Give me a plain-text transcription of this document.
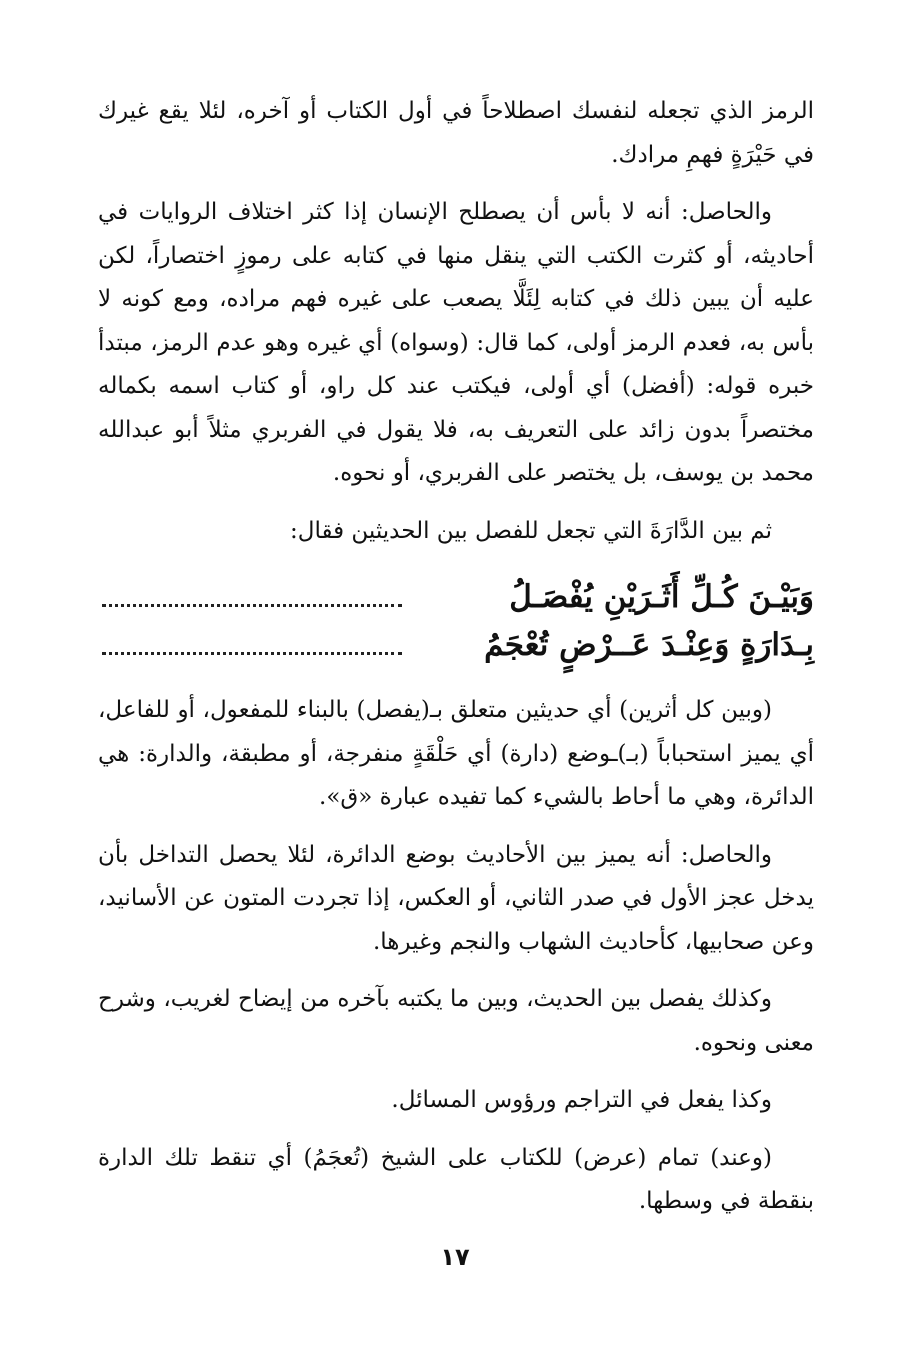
الرمز الذي تجعله لنفسك اصطلاحاً في أول الكتاب أو آخره، لئلا يقع غيرك في حَيْرَةٍ فهمِ مرادك.

والحاصل: أنه لا بأس أن يصطلح الإنسان إذا كثر اختلاف الروايات في أحاديثه، أو كثرت الكتب التي ينقل منها في كتابه على رموزٍ اختصاراً، لكن عليه أن يبين ذلك في كتابه لِئَلَّا يصعب على غيره فهم مراده، ومع كونه لا بأس به، فعدم الرمز أولى، كما قال: (وسواه) أي غيره وهو عدم الرمز، مبتدأ خبره قوله: (أفضل) أي أولى، فيكتب عند كل راو، أو كتاب اسمه بكماله مختصراً بدون زائد على التعريف به، فلا يقول في الفربري مثلاً أبو عبدالله محمد بن يوسف، بل يختصر على الفربري، أو نحوه.

ثم بين الدَّارَةَ التي تجعل للفصل بين الحديثين فقال:

وَبَيْـنَ كُـلِّ أَثَـرَيْنِ يُفْصَـلُ
بِـدَارَةٍ وَعِنْـدَ عَــرْضٍ تُعْجَمُ

(وبين كل أثرين) أي حديثين متعلق بـ(يفصل) بالبناء للمفعول، أو للفاعل، أي يميز استحباباً (بـ)ـوضع (دارة) أي حَلْقَةٍ منفرجة، أو مطبقة، والدارة: هي الدائرة، وهي ما أحاط بالشيء كما تفيده عبارة «ق».

والحاصل: أنه يميز بين الأحاديث بوضع الدائرة، لئلا يحصل التداخل بأن يدخل عجز الأول في صدر الثاني، أو العكس، إذا تجردت المتون عن الأسانيد، وعن صحابيها، كأحاديث الشهاب والنجم وغيرها.

وكذلك يفصل بين الحديث، وبين ما يكتبه بآخره من إيضاح لغريب، وشرح معنى ونحوه.

وكذا يفعل في التراجم ورؤوس المسائل.

(وعند) تمام (عرض) للكتاب على الشيخ (تُعجَمُ) أي تنقط تلك الدارة بنقطة في وسطها.

١٧
